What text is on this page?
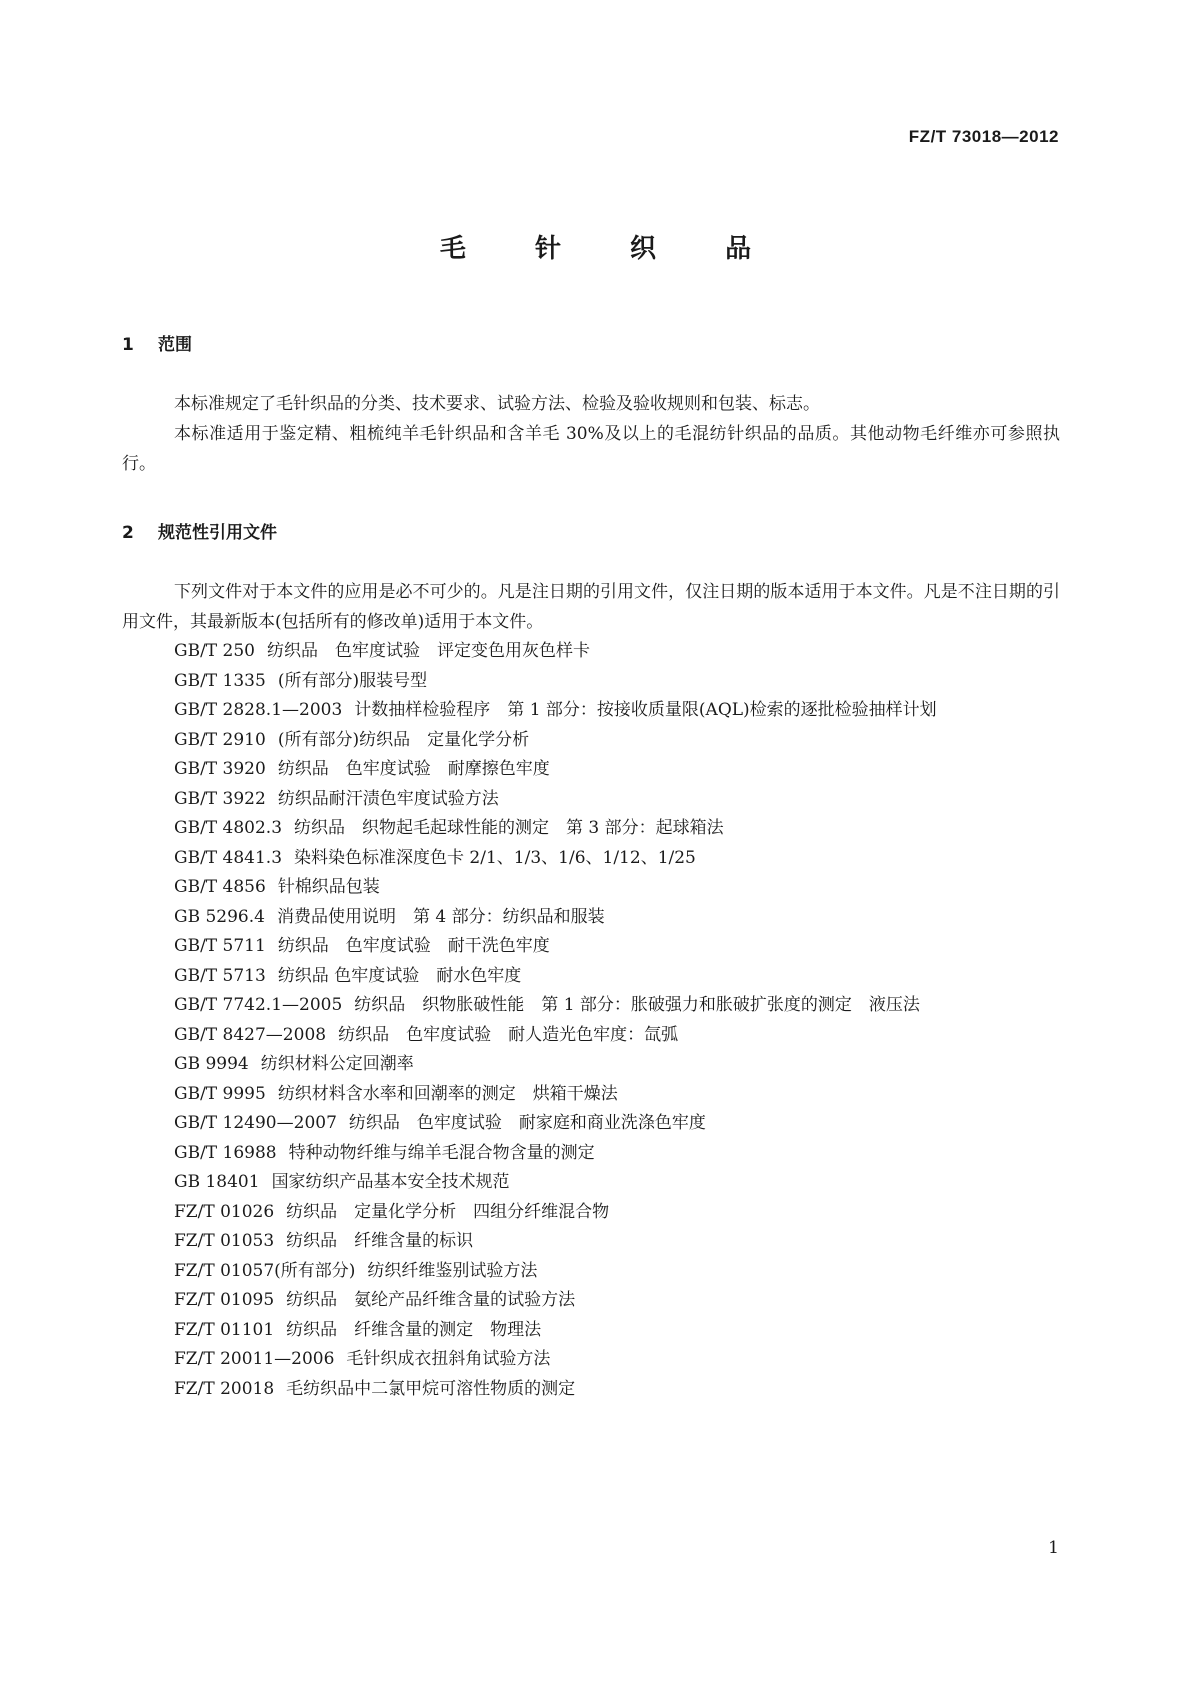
FZ/T 73018—2012
毛 针 织 品
1 范围

本标准规定了毛针织品的分类、技术要求、试验方法、检验及验收规则和包装、标志。

本标准适用于鉴定精、粗梳纯羊毛针织品和含羊毛 30%及以上的毛混纺针织品的品质。其他动物毛纤维亦可参照执行。

2 规范性引用文件

下列文件对于本文件的应用是必不可少的。凡是注日期的引用文件，仅注日期的版本适用于本文件。凡是不注日期的引用文件，其最新版本(包括所有的修改单)适用于本文件。

GB/T 250 纺织品　色牢度试验　评定变色用灰色样卡
GB/T 1335 (所有部分)服装号型
GB/T 2828.1—2003 计数抽样检验程序　第 1 部分：按接收质量限(AQL)检索的逐批检验抽样计划
GB/T 2910 (所有部分)纺织品　定量化学分析
GB/T 3920 纺织品　色牢度试验　耐摩擦色牢度
GB/T 3922 纺织品耐汗渍色牢度试验方法
GB/T 4802.3 纺织品　织物起毛起球性能的测定　第 3 部分：起球箱法
GB/T 4841.3 染料染色标准深度色卡 2/1、1/3、1/6、1/12、1/25
GB/T 4856 针棉织品包装
GB 5296.4 消费品使用说明　第 4 部分：纺织品和服装
GB/T 5711 纺织品　色牢度试验　耐干洗色牢度
GB/T 5713 纺织品 色牢度试验　耐水色牢度
GB/T 7742.1—2005 纺织品　织物胀破性能　第 1 部分：胀破强力和胀破扩张度的测定　液压法
GB/T 8427—2008 纺织品　色牢度试验　耐人造光色牢度：氙弧
GB 9994 纺织材料公定回潮率
GB/T 9995 纺织材料含水率和回潮率的测定　烘箱干燥法
GB/T 12490—2007 纺织品　色牢度试验　耐家庭和商业洗涤色牢度
GB/T 16988 特种动物纤维与绵羊毛混合物含量的测定
GB 18401 国家纺织产品基本安全技术规范
FZ/T 01026 纺织品　定量化学分析　四组分纤维混合物
FZ/T 01053 纺织品　纤维含量的标识
FZ/T 01057(所有部分) 纺织纤维鉴别试验方法
FZ/T 01095 纺织品　氨纶产品纤维含量的试验方法
FZ/T 01101 纺织品　纤维含量的测定　物理法
FZ/T 20011—2006 毛针织成衣扭斜角试验方法
FZ/T 20018 毛纺织品中二氯甲烷可溶性物质的测定
1
